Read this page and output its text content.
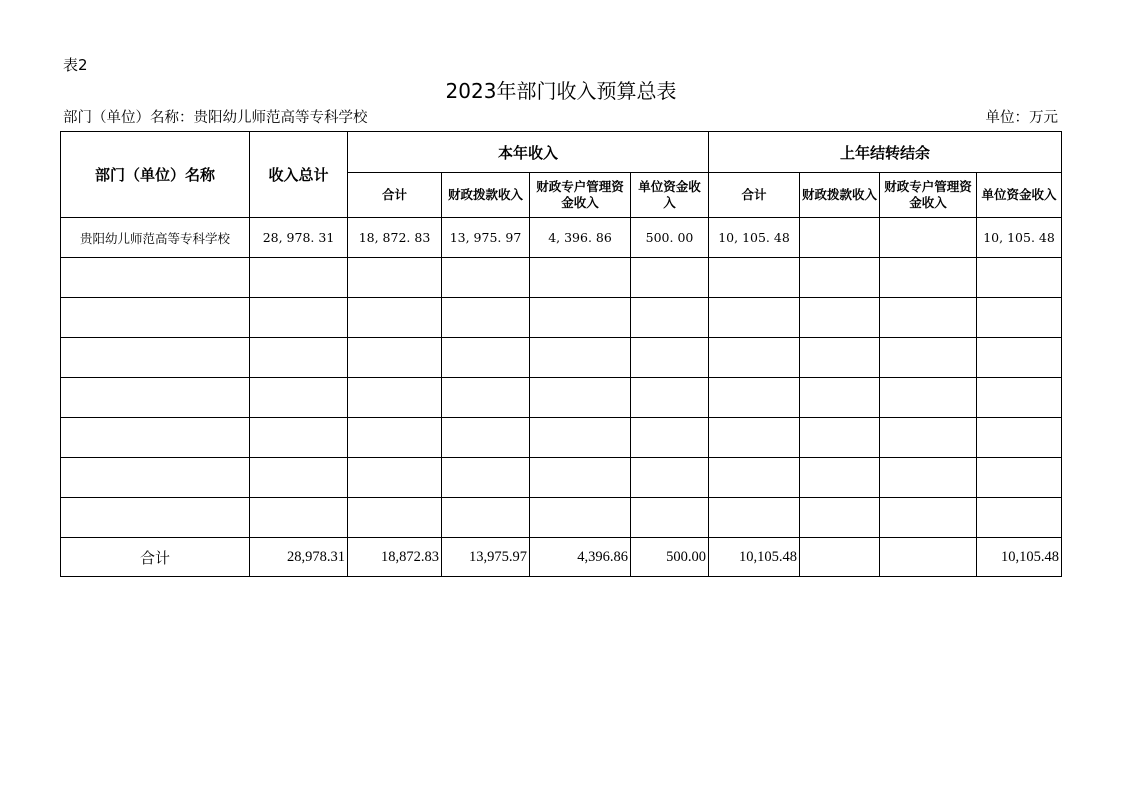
表2
2023年部门收入预算总表
部门（单位）名称：贵阳幼儿师范高等专科学校	单位：万元
部门（单位）名称	收入总计	本年收入				上年结转结余			
		合计	财政拨款收入	财政专户管理资金收入	单位资金收入	合计	财政拨款收入	财政专户管理资金收入	单位资金收入
贵阳幼儿师范高等专科学校	28, 978. 31	18, 872. 83	13, 975. 97	4, 396. 86	500. 00	10, 105. 48			10, 105. 48

合计	28,978.31	18,872.83	13,975.97	4,396.86	500.00	10,105.48			10,105.48
